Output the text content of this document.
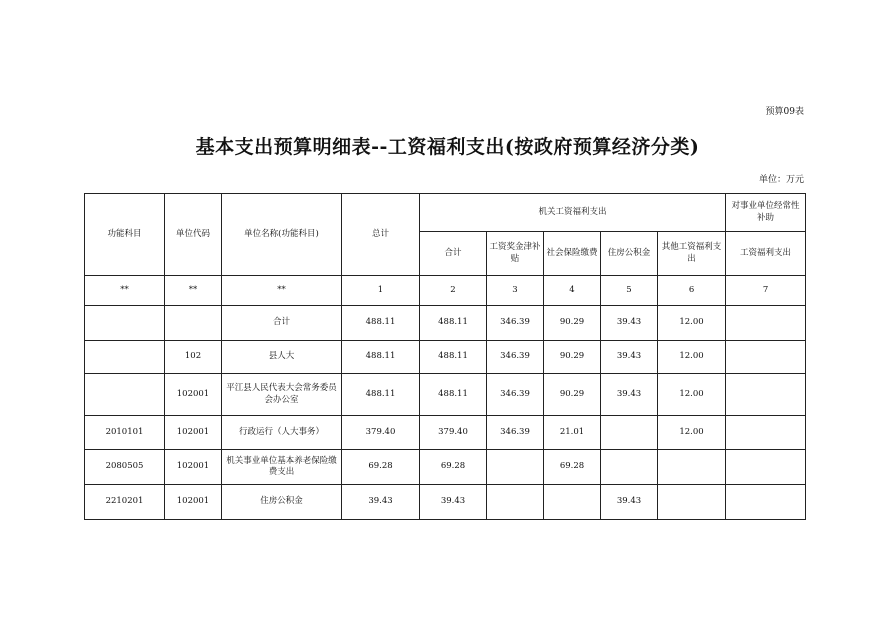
预算09表
基本支出预算明细表--工资福利支出(按政府预算经济分类)
单位：万元
功能科目	单位代码	单位名称(功能科目)	总计	机关工资福利支出					对事业单位经常性补助
				合计	工资奖金津补贴	社会保险缴费	住房公积金	其他工资福利支出	工资福利支出
**	**	**	1	2	3	4	5	6	7
		合计	488.11	488.11	346.39	90.29	39.43	12.00	
	102	县人大	488.11	488.11	346.39	90.29	39.43	12.00	
	102001	平江县人民代表大会常务委员会办公室	488.11	488.11	346.39	90.29	39.43	12.00	
2010101	102001	行政运行（人大事务）	379.40	379.40	346.39	21.01		12.00	
2080505	102001	机关事业单位基本养老保险缴费支出	69.28	69.28		69.28			
2210201	102001	住房公积金	39.43	39.43			39.43		
